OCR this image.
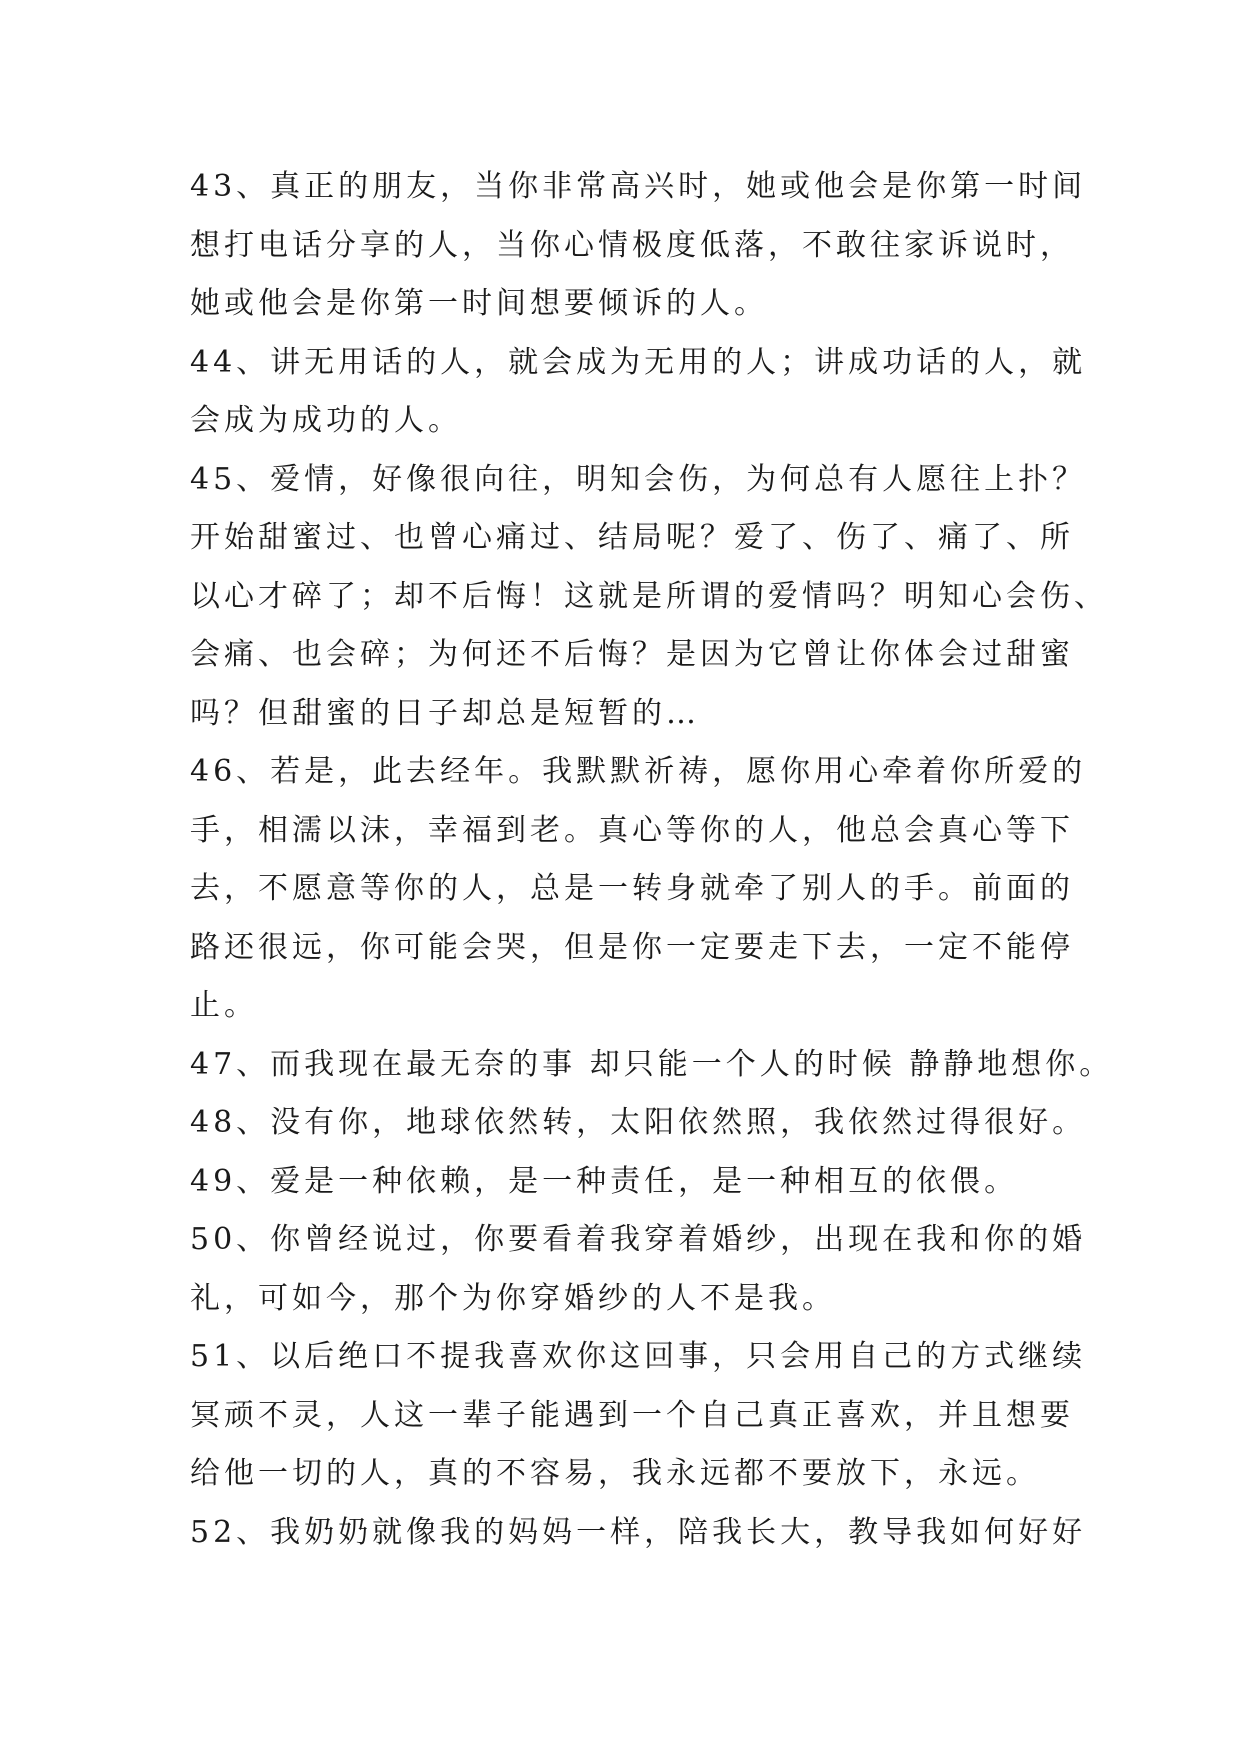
43、真正的朋友，当你非常高兴时，她或他会是你第一时间
想打电话分享的人，当你心情极度低落，不敢往家诉说时，
她或他会是你第一时间想要倾诉的人。
44、讲无用话的人，就会成为无用的人；讲成功话的人，就
会成为成功的人。
45、爱情，好像很向往，明知会伤，为何总有人愿往上扑？
开始甜蜜过、也曾心痛过、结局呢？爱了、伤了、痛了、所
以心才碎了；却不后悔！这就是所谓的爱情吗？明知心会伤、
会痛、也会碎；为何还不后悔？是因为它曾让你体会过甜蜜
吗？但甜蜜的日子却总是短暂的…
46、若是，此去经年。我默默祈祷，愿你用心牵着你所爱的
手，相濡以沫，幸福到老。真心等你的人，他总会真心等下
去，不愿意等你的人，总是一转身就牵了别人的手。前面的
路还很远，你可能会哭，但是你一定要走下去，一定不能停
止。
47、而我现在最无奈的事 却只能一个人的时候 静静地想你。
48、没有你，地球依然转，太阳依然照，我依然过得很好。
49、爱是一种依赖，是一种责任，是一种相互的依偎。
50、你曾经说过，你要看着我穿着婚纱，出现在我和你的婚
礼，可如今，那个为你穿婚纱的人不是我。
51、以后绝口不提我喜欢你这回事，只会用自己的方式继续
冥顽不灵，人这一辈子能遇到一个自己真正喜欢，并且想要
给他一切的人，真的不容易，我永远都不要放下，永远。
52、我奶奶就像我的妈妈一样，陪我长大，教导我如何好好
